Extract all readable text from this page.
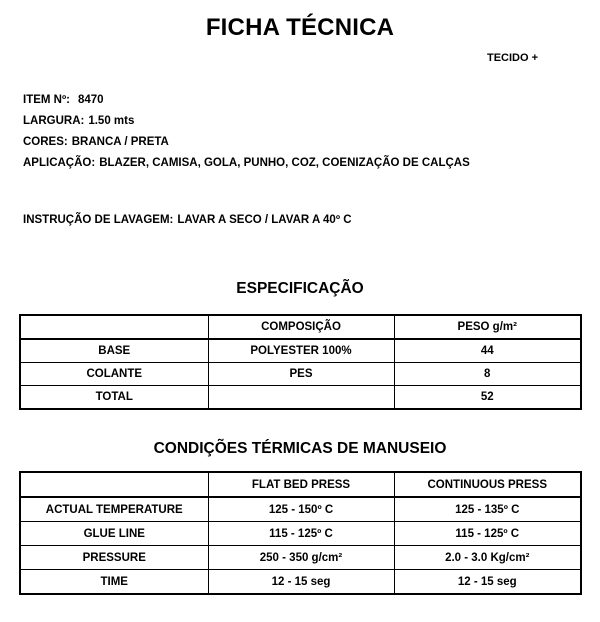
FICHA TÉCNICA
TECIDO +
ITEM Nº: 8470
LARGURA: 1.50 mts
CORES: BRANCA / PRETA
APLICAÇÃO: BLAZER, CAMISA, GOLA, PUNHO, COZ, COENIZAÇÃO DE CALÇAS
INSTRUÇÃO DE LAVAGEM: LAVAR A SECO / LAVAR A 40º C
ESPECIFICAÇÃO
	COMPOSIÇÃO	PESO g/m²
BASE	POLYESTER 100%	44
COLANTE	PES	8
TOTAL		52
CONDIÇÕES TÉRMICAS DE MANUSEIO
	FLAT BED PRESS	CONTINUOUS PRESS
ACTUAL TEMPERATURE	125 - 150º C	125 - 135º C
GLUE LINE	115 - 125º C	115 - 125º C
PRESSURE	250 - 350 g/cm²	2.0 - 3.0 Kg/cm²
TIME	12 - 15 seg	12 - 15 seg
